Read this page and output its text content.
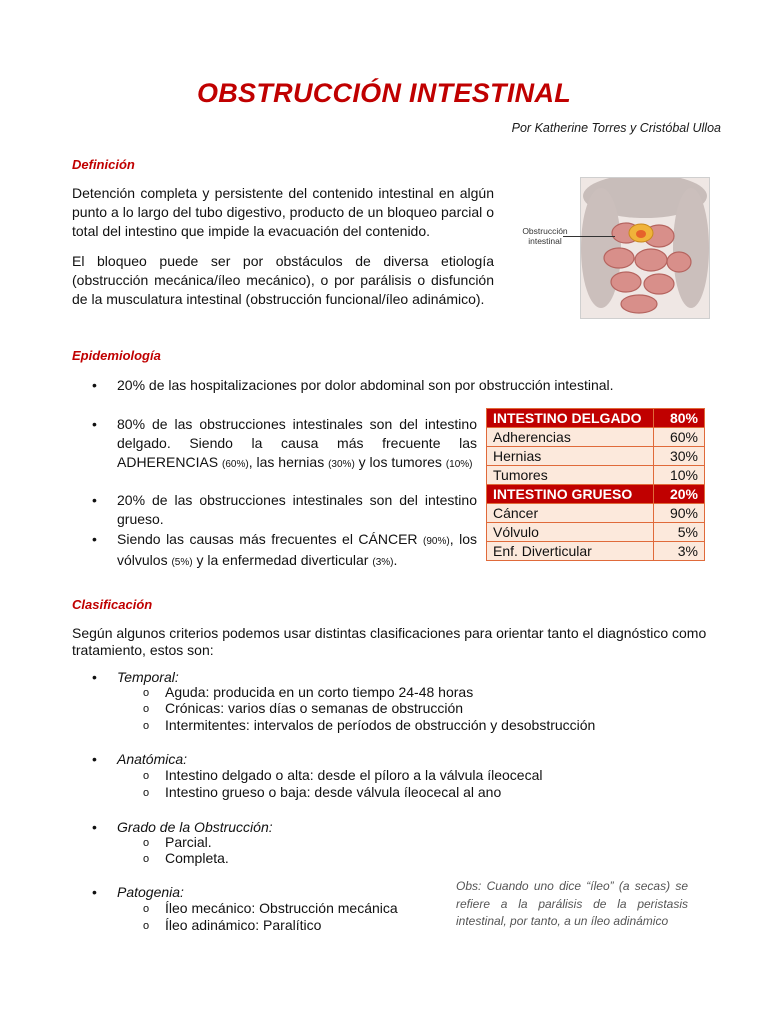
OBSTRUCCIÓN INTESTINAL
Por Katherine Torres y Cristóbal Ulloa
Definición
Detención completa y persistente del contenido intestinal en algún punto a lo largo del tubo digestivo, producto de un bloqueo parcial o total del intestino que impide la evacuación del contenido.
El bloqueo puede ser por obstáculos de diversa etiología (obstrucción mecánica/íleo mecánico), o por parálisis o disfunción de la musculatura intestinal (obstrucción funcional/íleo adinámico).
Obstrucción intestinal
Epidemiología
• 20% de las hospitalizaciones por dolor abdominal son por obstrucción intestinal.
• 80% de las obstrucciones intestinales son del intestino delgado. Siendo la causa más frecuente las ADHERENCIAS (60%), las hernias (30%) y los tumores (10%)
• 20% de las obstrucciones intestinales son del intestino grueso.
• Siendo las causas más frecuentes el CÁNCER (90%), los vólvulos (5%) y la enfermedad diverticular (3%).
INTESTINO DELGADO	80%
Adherencias	60%
Hernias	30%
Tumores	10%
INTESTINO GRUESO	20%
Cáncer	90%
Vólvulo	5%
Enf. Diverticular	3%
Clasificación
Según algunos criterios podemos usar distintas clasificaciones para orientar tanto el diagnóstico como tratamiento, estos son:
• Temporal:
o Aguda: producida en un corto tiempo 24-48 horas
o Crónicas: varios días o semanas de obstrucción
o Intermitentes: intervalos de períodos de obstrucción y desobstrucción
• Anatómica:
o Intestino delgado o alta: desde el píloro a la válvula íleocecal
o Intestino grueso o baja: desde válvula íleocecal al ano
• Grado de la Obstrucción:
o Parcial.
o Completa.
• Patogenia:
o Íleo mecánico: Obstrucción mecánica
o Íleo adinámico: Paralítico
Obs: Cuando uno dice “íleo” (a secas) se refiere a la parálisis de la peristasis intestinal, por tanto, a un íleo adinámico
